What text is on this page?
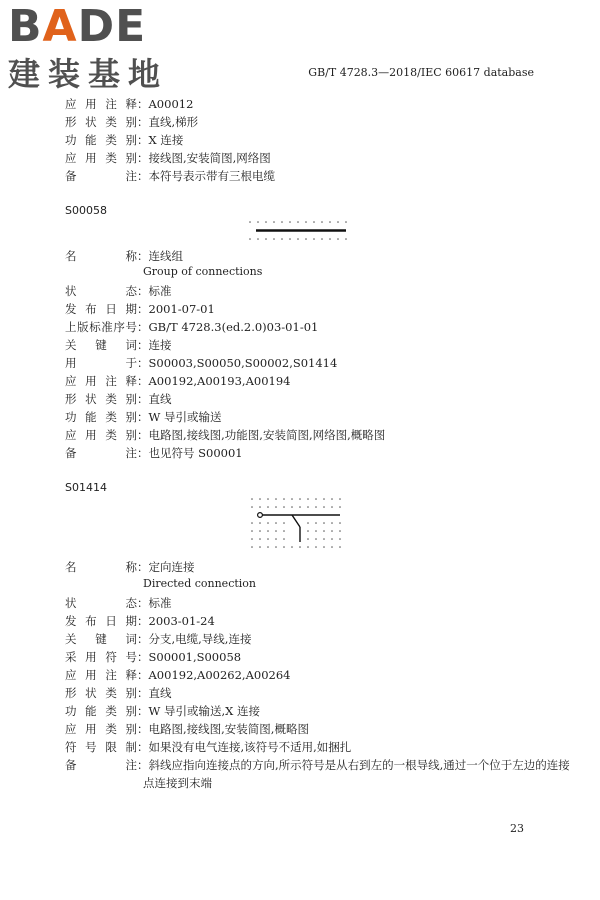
BADE
建装基地	GB/T 4728.3—2018/IEC 60617 database
应 用 注 释 ：A00012
形 状 类 别 ：直线,梯形
功 能 类 别 ：X 连接
应 用 类 别 ：接线图,安装简图,网络图
备	注 ：本符号表示带有三根电缆
S00058
名	称 ：连线组
Group of connections
状	态 ：标准
发 布 日 期 ：2001-07-01
上 版 标 准 序 号 ：GB/T 4728.3(ed.2.0)03-01-01
关 键 词 ：连接
用	于 ：S00003,S00050,S00002,S01414
应 用 注 释 ：A00192,A00193,A00194
形 状 类 别 ：直线
功 能 类 别 ：W 导引或输送
应 用 类 别 ：电路图,接线图,功能图,安装简图,网络图,概略图
备	注 ：也见符号 S00001
S01414
名	称 ：定向连接
Directed connection
状	态 ：标准
发 布 日 期 ：2003-01-24
关 键 词 ：分支,电缆,导线,连接
采 用 符 号 ：S00001,S00058
应 用 注 释 ：A00192,A00262,A00264
形 状 类 别 ：直线
功 能 类 别 ：W 导引或输送,X 连接
应 用 类 别 ：电路图,接线图,安装简图,概略图
符 号 限 制 ：如果没有电气连接,该符号不适用,如捆扎
备	注 ：斜线应指向连接点的方向,所示符号是从右到左的一根导线,通过一个位于左边的连接
点连接到末端
23
